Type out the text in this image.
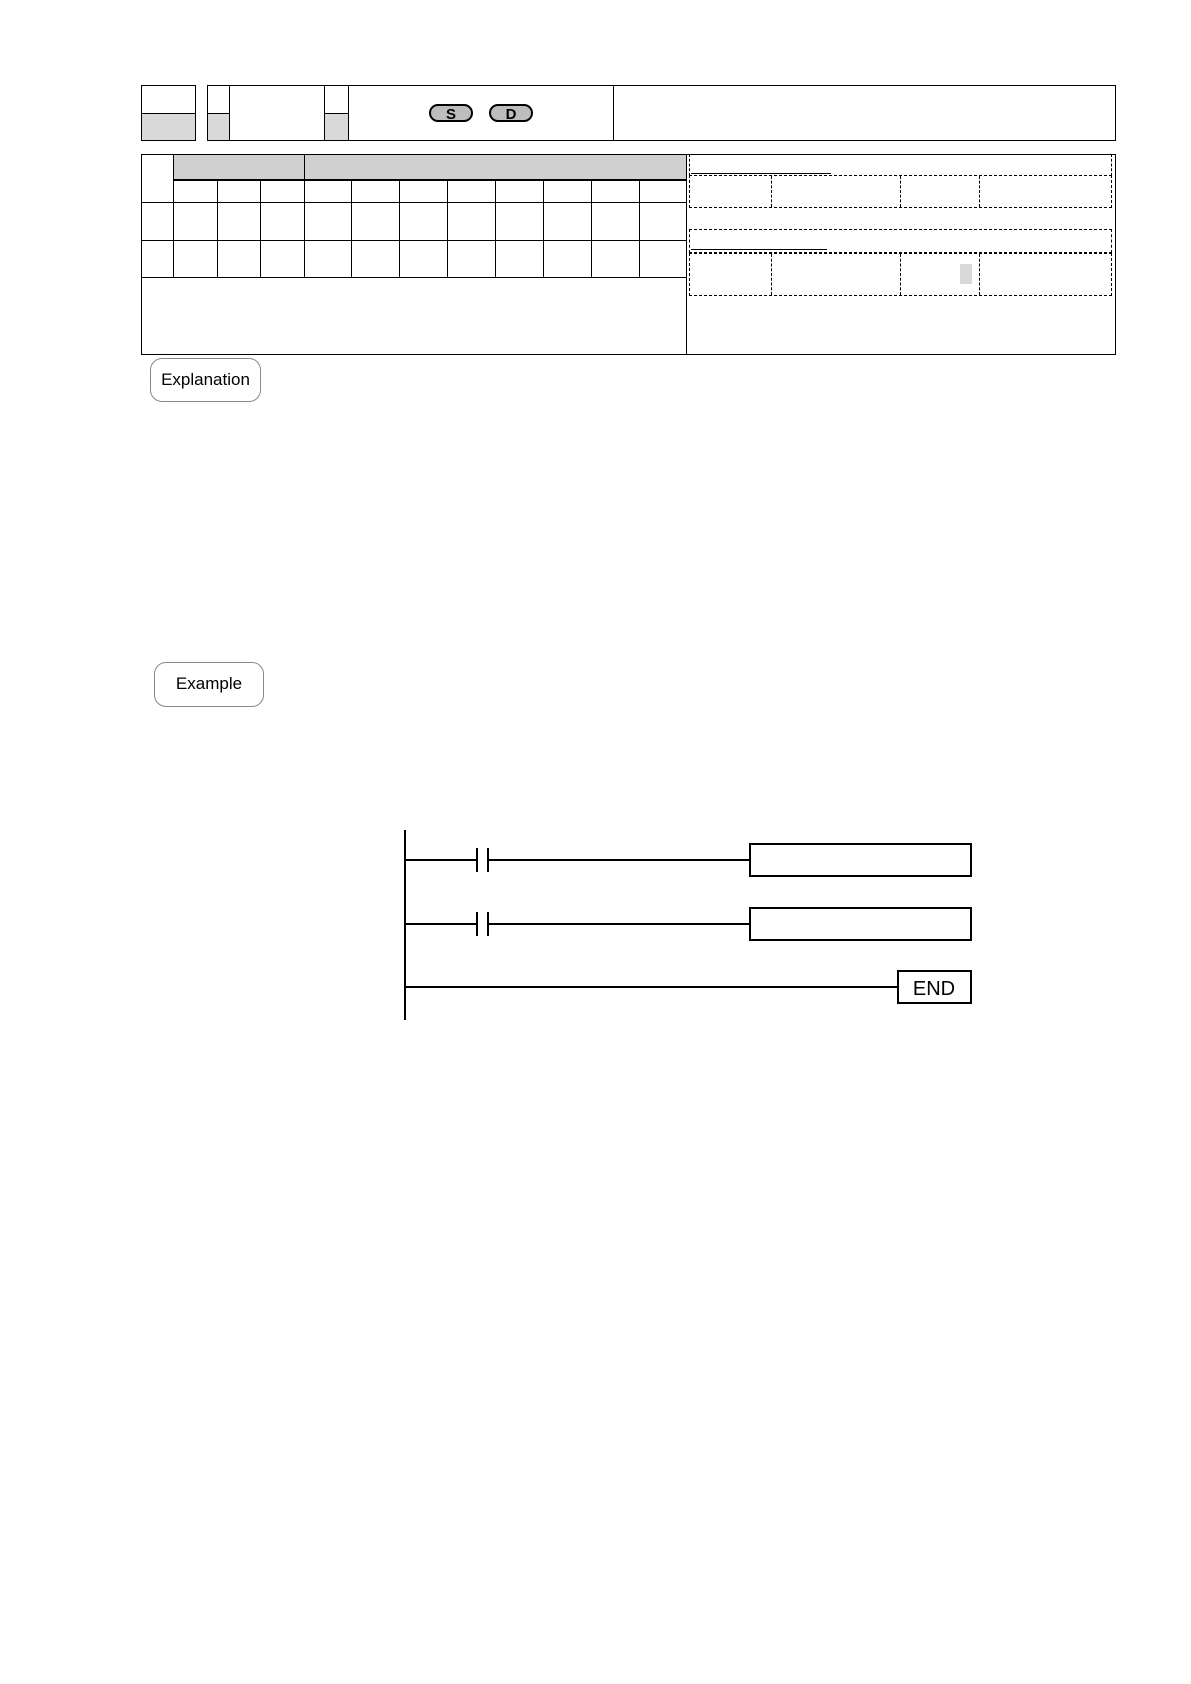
S	D
Explanation
Example
END
